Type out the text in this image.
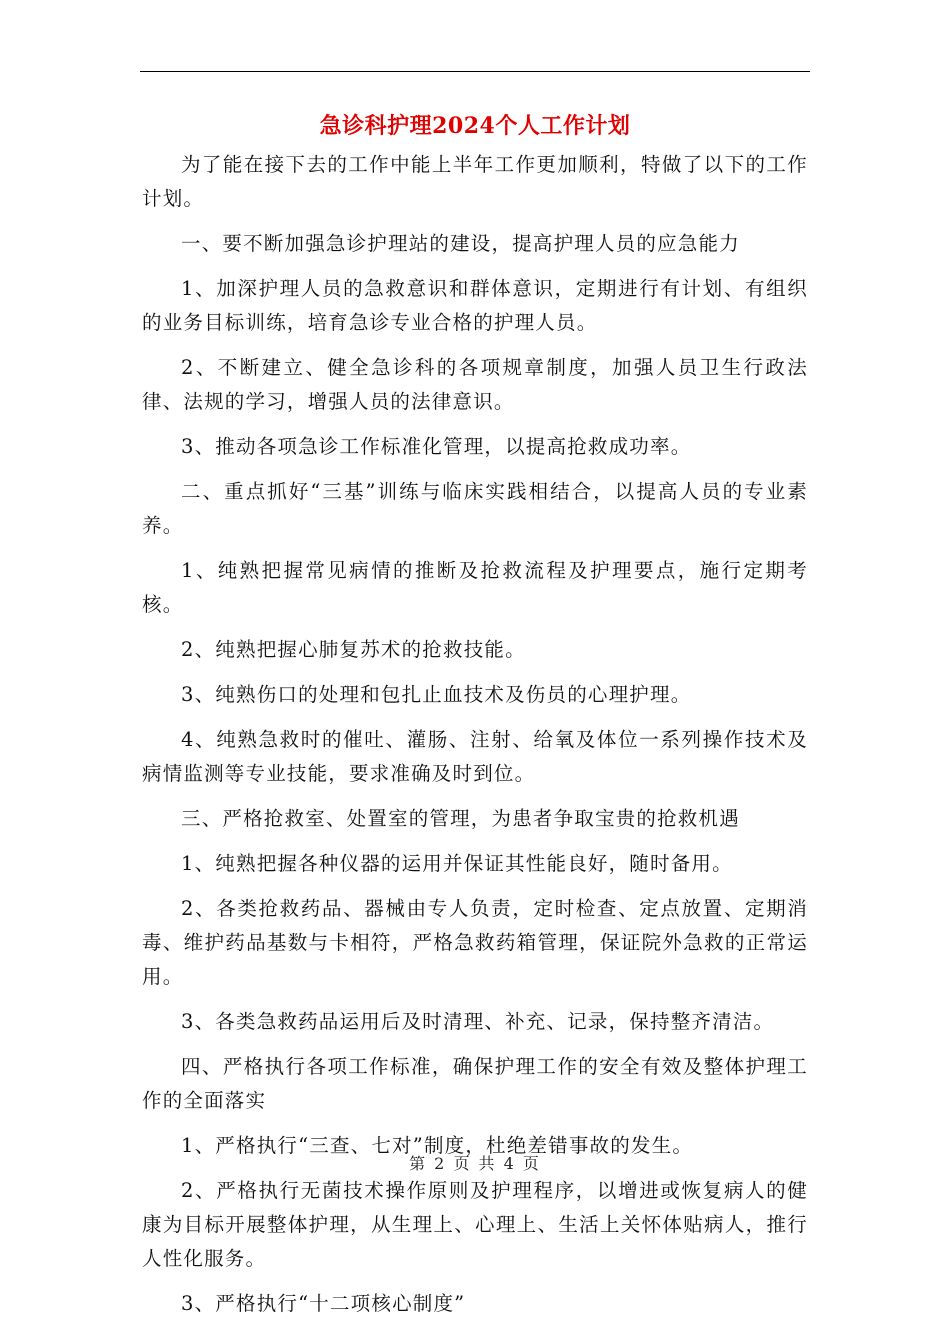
急诊科护理2024个人工作计划

为了能在接下去的工作中能上半年工作更加顺利，特做了以下的工作计划。

一、要不断加强急诊护理站的建设，提高护理人员的应急能力

1、加深护理人员的急救意识和群体意识，定期进行有计划、有组织的业务目标训练，培育急诊专业合格的护理人员。

2、不断建立、健全急诊科的各项规章制度，加强人员卫生行政法律、法规的学习，增强人员的法律意识。

3、推动各项急诊工作标准化管理，以提高抢救成功率。

二、重点抓好“三基”训练与临床实践相结合，以提高人员的专业素养。

1、纯熟把握常见病情的推断及抢救流程及护理要点，施行定期考核。

2、纯熟把握心肺复苏术的抢救技能。

3、纯熟伤口的处理和包扎止血技术及伤员的心理护理。

4、纯熟急救时的催吐、灌肠、注射、给氧及体位一系列操作技术及病情监测等专业技能，要求准确及时到位。

三、严格抢救室、处置室的管理，为患者争取宝贵的抢救机遇

1、纯熟把握各种仪器的运用并保证其性能良好，随时备用。

2、各类抢救药品、器械由专人负责，定时检查、定点放置、定期消毒、维护药品基数与卡相符，严格急救药箱管理，保证院外急救的正常运用。

3、各类急救药品运用后及时清理、补充、记录，保持整齐清洁。

四、严格执行各项工作标准，确保护理工作的安全有效及整体护理工作的全面落实

1、严格执行“三查、七对”制度，杜绝差错事故的发生。

2、严格执行无菌技术操作原则及护理程序，以增进或恢复病人的健康为目标开展整体护理，从生理上、心理上、生活上关怀体贴病人，推行人性化服务。

3、严格执行“十二项核心制度”

第 2 页 共 4 页
